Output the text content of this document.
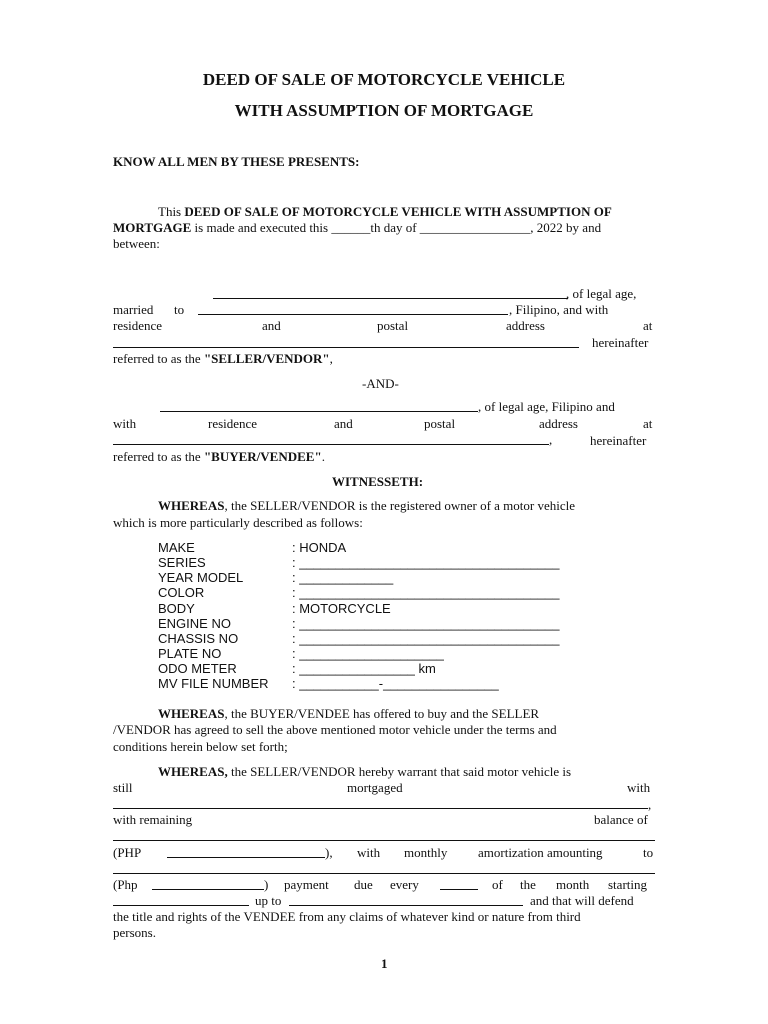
DEED OF SALE OF MOTORCYCLE VEHICLE
WITH ASSUMPTION OF MORTGAGE
KNOW ALL MEN BY THESE PRESENTS:
This DEED OF SALE OF MOTORCYCLE VEHICLE WITH ASSUMPTION OF
MORTGAGE is made and executed this ______th day of _________________, 2022 by and
between:
, of legal age,
married to	, Filipino, and with
residence	and	postal	address	at
hereinafter
referred to as the "SELLER/VENDOR",
-AND-
, of legal age, Filipino and
with	residence	and	postal	address	at
,	hereinafter
referred to as the "BUYER/VENDEE".
WITNESSETH:
WHEREAS, the SELLER/VENDOR is the registered owner of a motor vehicle
which is more particularly described as follows:

MAKE

	: HONDA

SERIES

	: ____________________________________

YEAR MODEL

	: _____________

COLOR

	: ____________________________________

BODY

	: MOTORCYCLE

ENGINE NO

	: ____________________________________

CHASSIS NO

	: ____________________________________

PLATE NO

	: ____________________

ODO METER

	: ________________ km

MV FILE NUMBER

: ___________-________________

WHEREAS, the BUYER/VENDEE has offered to buy and the SELLER
/VENDOR has agreed to sell the above mentioned motor vehicle under the terms and
conditions herein below set forth;
WHEREAS, the SELLER/VENDOR hereby warrant that said motor vehicle is
still	mortgaged	with
,
with remaining	balance of
(PHP	), with monthly amortization amounting	to
(Php	) payment due every	of the month starting
up to	and that will defend
the title and rights of the VENDEE from any claims of whatever kind or nature from third
persons.
1
